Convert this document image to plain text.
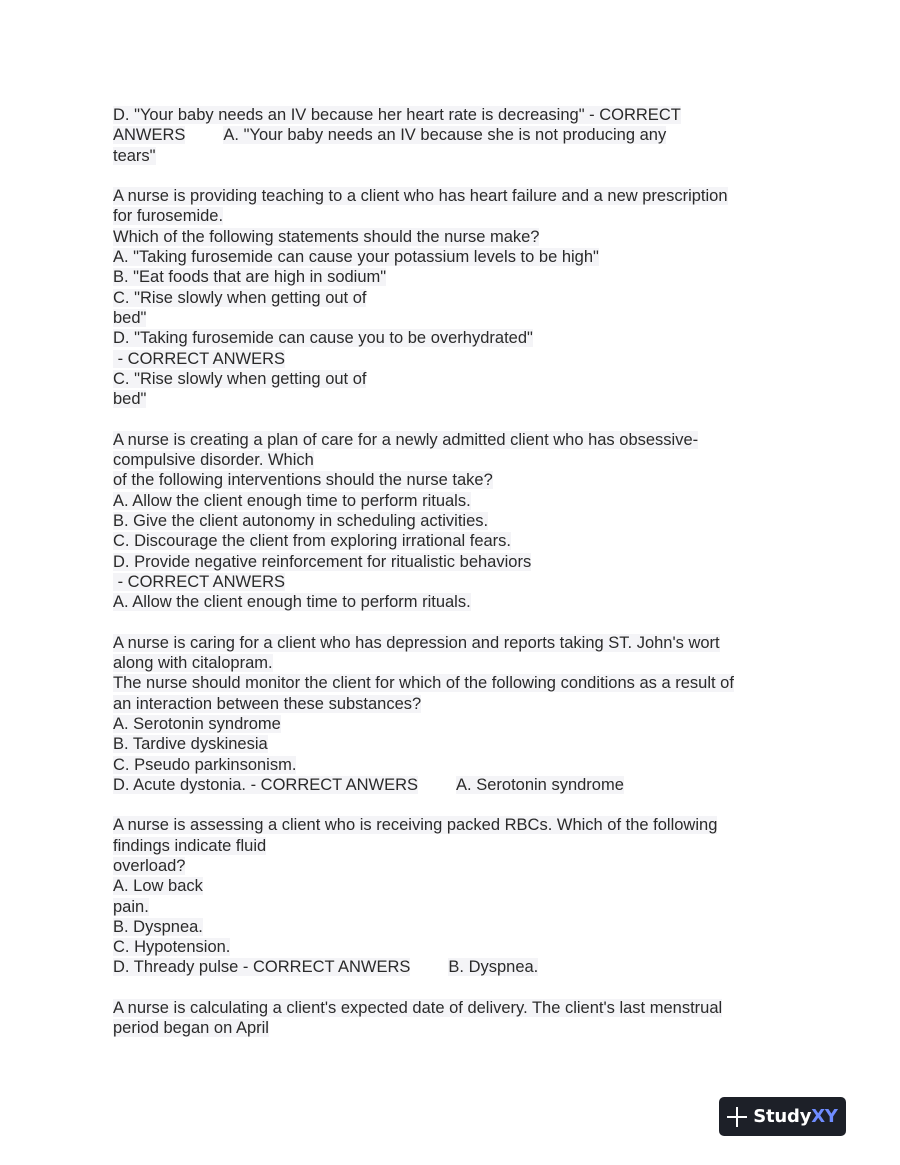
D. "Your baby needs an IV because her heart rate is decreasing" - CORRECT
ANWERS A. "Your baby needs an IV because she is not producing any
tears"
A nurse is providing teaching to a client who has heart failure and a new prescription
for furosemide.
Which of the following statements should the nurse make?
A. "Taking furosemide can cause your potassium levels to be high"
B. "Eat foods that are high in sodium"
C. "Rise slowly when getting out of
bed"
D. "Taking furosemide can cause you to be overhydrated"
- CORRECT ANWERS
C. "Rise slowly when getting out of
bed"
A nurse is creating a plan of care for a newly admitted client who has obsessive-
compulsive disorder. Which
of the following interventions should the nurse take?
A. Allow the client enough time to perform rituals.
B. Give the client autonomy in scheduling activities.
C. Discourage the client from exploring irrational fears.
D. Provide negative reinforcement for ritualistic behaviors
- CORRECT ANWERS
A. Allow the client enough time to perform rituals.
A nurse is caring for a client who has depression and reports taking ST. John's wort
along with citalopram.
The nurse should monitor the client for which of the following conditions as a result of
an interaction between these substances?
A. Serotonin syndrome
B. Tardive dyskinesia
C. Pseudo parkinsonism.
D. Acute dystonia. - CORRECT ANWERS A. Serotonin syndrome
A nurse is assessing a client who is receiving packed RBCs. Which of the following
findings indicate fluid
overload?
A. Low back
pain.
B. Dyspnea.
C. Hypotension.
D. Thready pulse - CORRECT ANWERS B. Dyspnea.
A nurse is calculating a client's expected date of delivery. The client's last menstrual
period began on April
StudyXY
